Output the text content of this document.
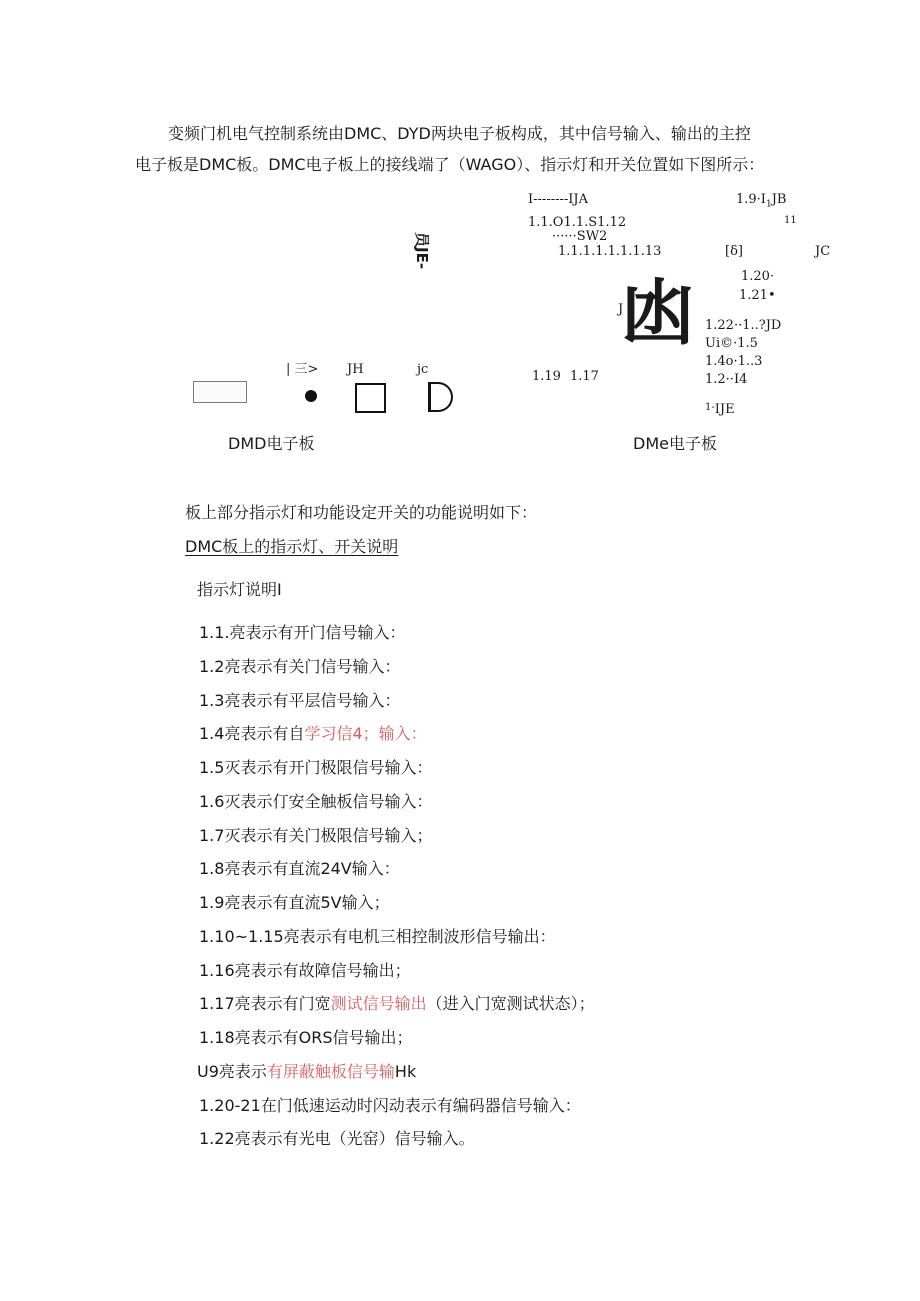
变频门机电气控制系统由DMC、DYD两块电子板构成，其中信号输入、输出的主控
电子板是DMC板。DMC电子板上的接线端了（WAGO）、指示灯和开关位置如下图所示：
员JE-
| 三> JH	jc
DMD电子板
I--------IJA	$1.9\cdot I_1JB$
11
1.1.O1.1.S1.12
······SW2
1.1.1.1.1.1.1.13	[δ]	JC
1.20·
1.21•
J
凼 1.22··1..?JD
Ui©·1.5
1.4o·1..3
1.2··I4
1.19 1.17
$^{1-}$IJE
DMe电子板
板上部分指示灯和功能设定开关的功能说明如下：
DMC板上的指示灯、开关说明
指示灯说明I
1.1.亮表示有开门信号输入：
1.2亮表示有关门信号输入：
1.3亮表示有平层信号输入：
1.4亮表示有自学习信4；输入：
1.5灭表示有开门极限信号输入：
1.6灭表示仃安全触板信号输入：
1.7灭表示有关门极限信号输入；
1.8亮表示有直流24V输入：
1.9亮表示有直流5V输入；
1.10~1.15亮表示有电机三相控制波形信号输出：
1.16亮表示有故障信号输出；
1.17亮表示有门宽测试信号输出（进入门宽测试状态）；
1.18亮表示有ORS信号输出；
U9亮表示有屏蔽触板信号输Hk
1.20-21在门低速运动时闪动表示有编码器信号输入：
1.22亮表示有光电（光窑）信号输入。
